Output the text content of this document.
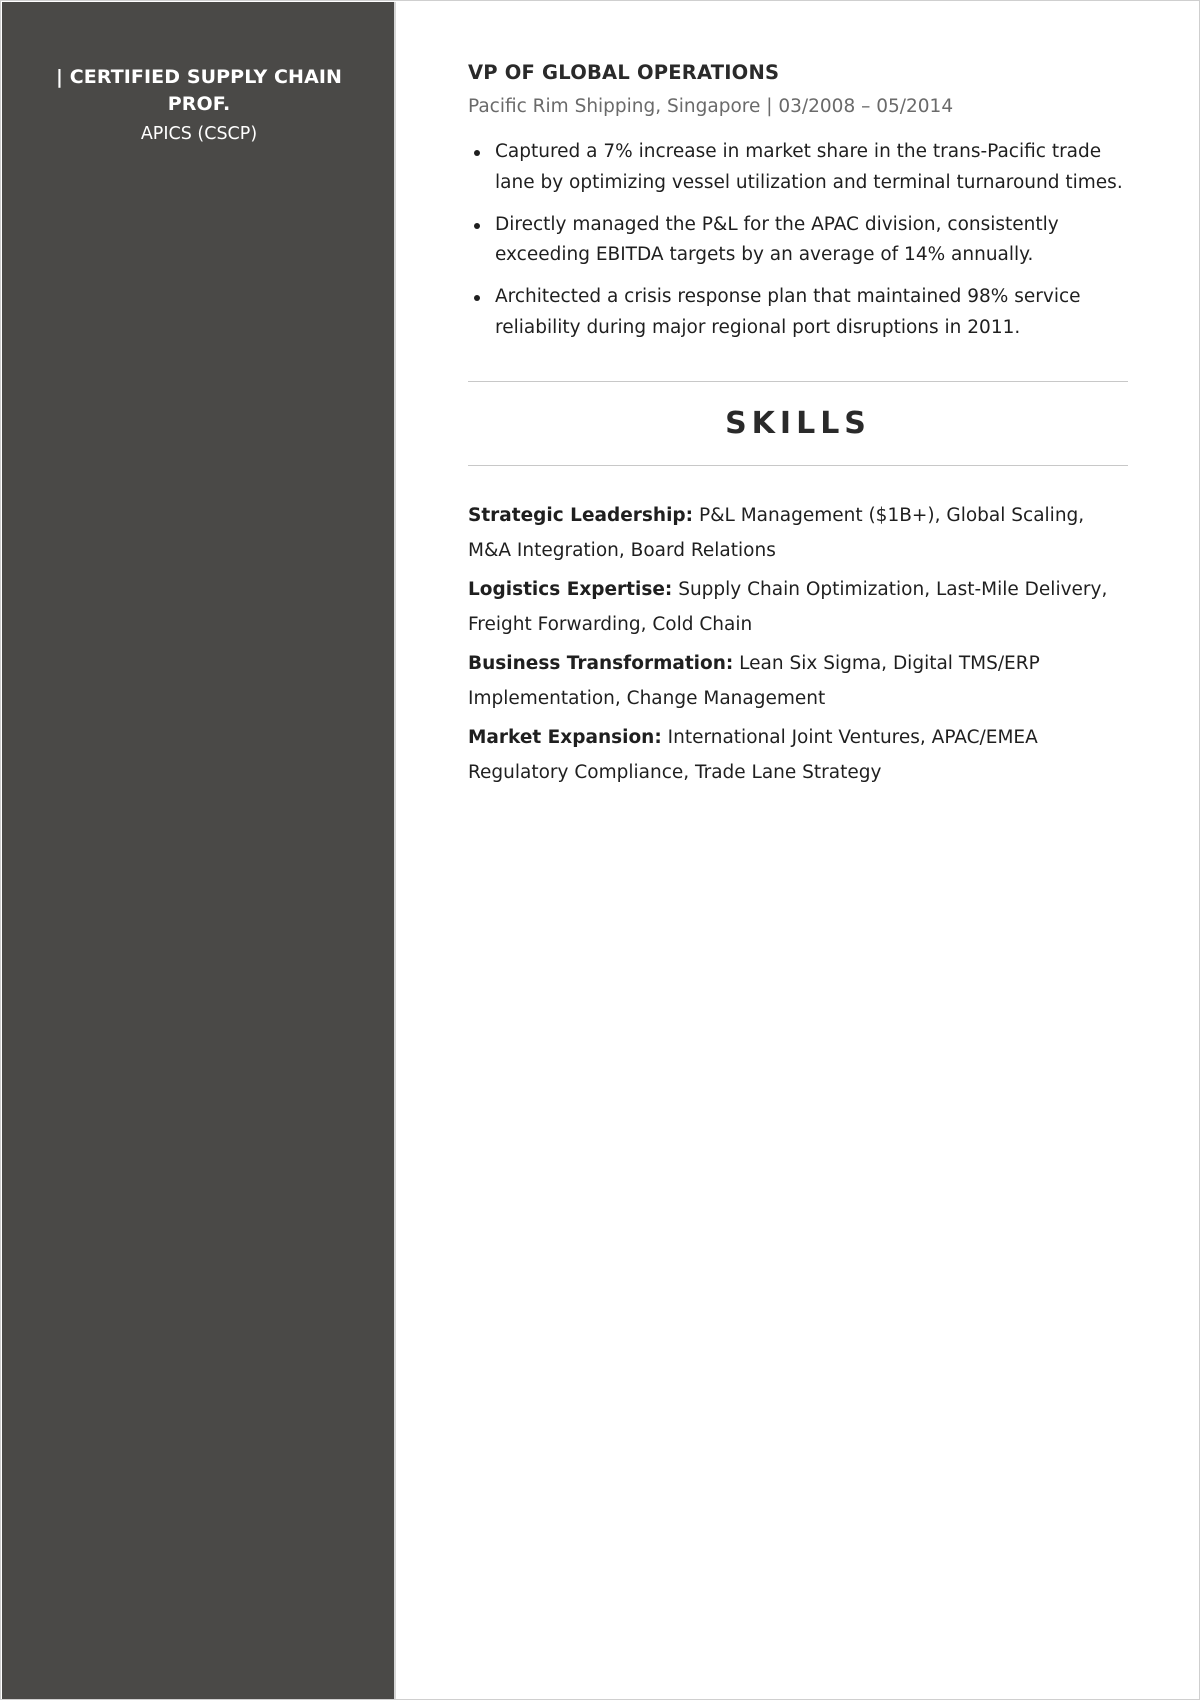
| CERTIFIED SUPPLY CHAIN PROF.
APICS (CSCP)
VP OF GLOBAL OPERATIONS
Pacific Rim Shipping, Singapore | 03/2008 – 05/2014
Captured a 7% increase in market share in the trans-Pacific trade lane by optimizing vessel utilization and terminal turnaround times.
Directly managed the P&L for the APAC division, consistently exceeding EBITDA targets by an average of 14% annually.
Architected a crisis response plan that maintained 98% service reliability during major regional port disruptions in 2011.
SKILLS
Strategic Leadership: P&L Management ($1B+), Global Scaling, M&A Integration, Board Relations
Logistics Expertise: Supply Chain Optimization, Last-Mile Delivery, Freight Forwarding, Cold Chain
Business Transformation: Lean Six Sigma, Digital TMS/ERP Implementation, Change Management
Market Expansion: International Joint Ventures, APAC/EMEA Regulatory Compliance, Trade Lane Strategy
